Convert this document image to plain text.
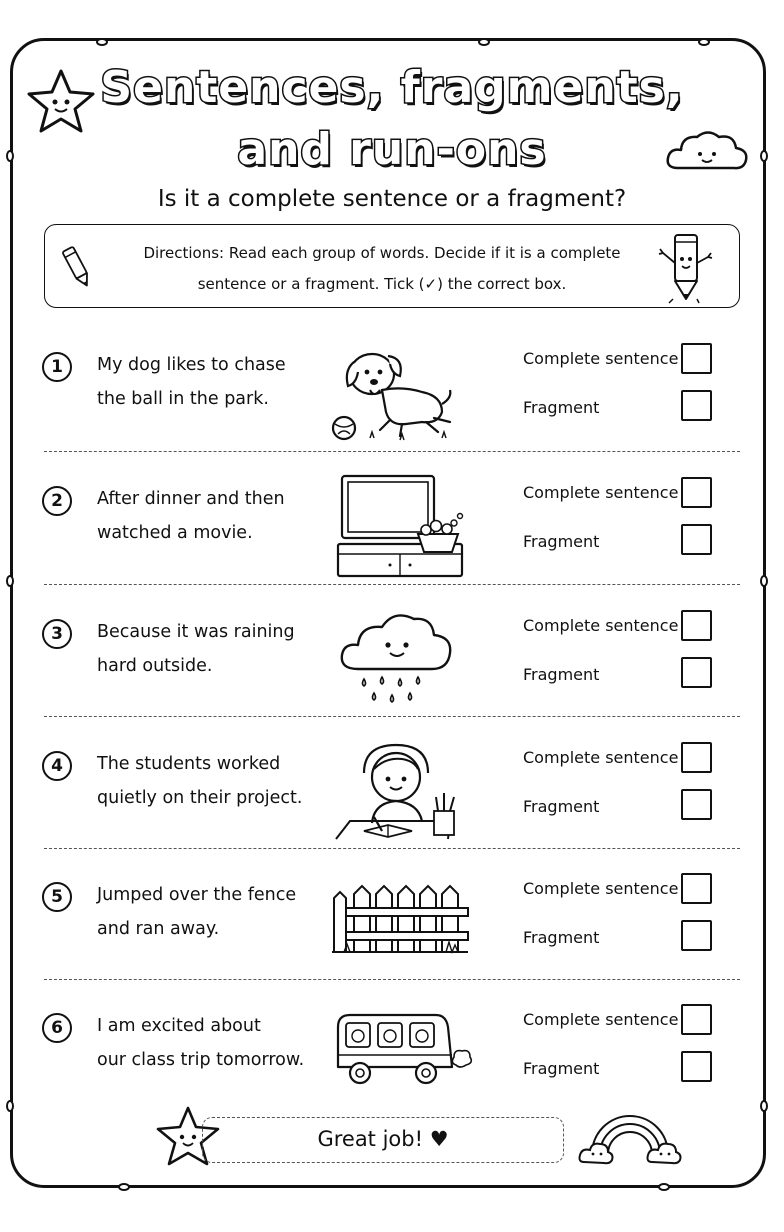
Sentences, fragments,
and run-ons
Is it a complete sentence or a fragment?
Directions: Read each group of words. Decide if it is a complete
sentence or a fragment. Tick (✓) the correct box.
1	My dog likes to chase
the ball in the park.
Complete sentence
Fragment
2	After dinner and then
watched a movie.
Complete sentence
Fragment
3	Because it was raining
hard outside.
Complete sentence
Fragment
4	The students worked
quietly on their project.
Complete sentence
Fragment
5	Jumped over the fence
and ran away.
Complete sentence
Fragment
6	I am excited about
our class trip tomorrow.
Complete sentence
Fragment
Great job! ♥
